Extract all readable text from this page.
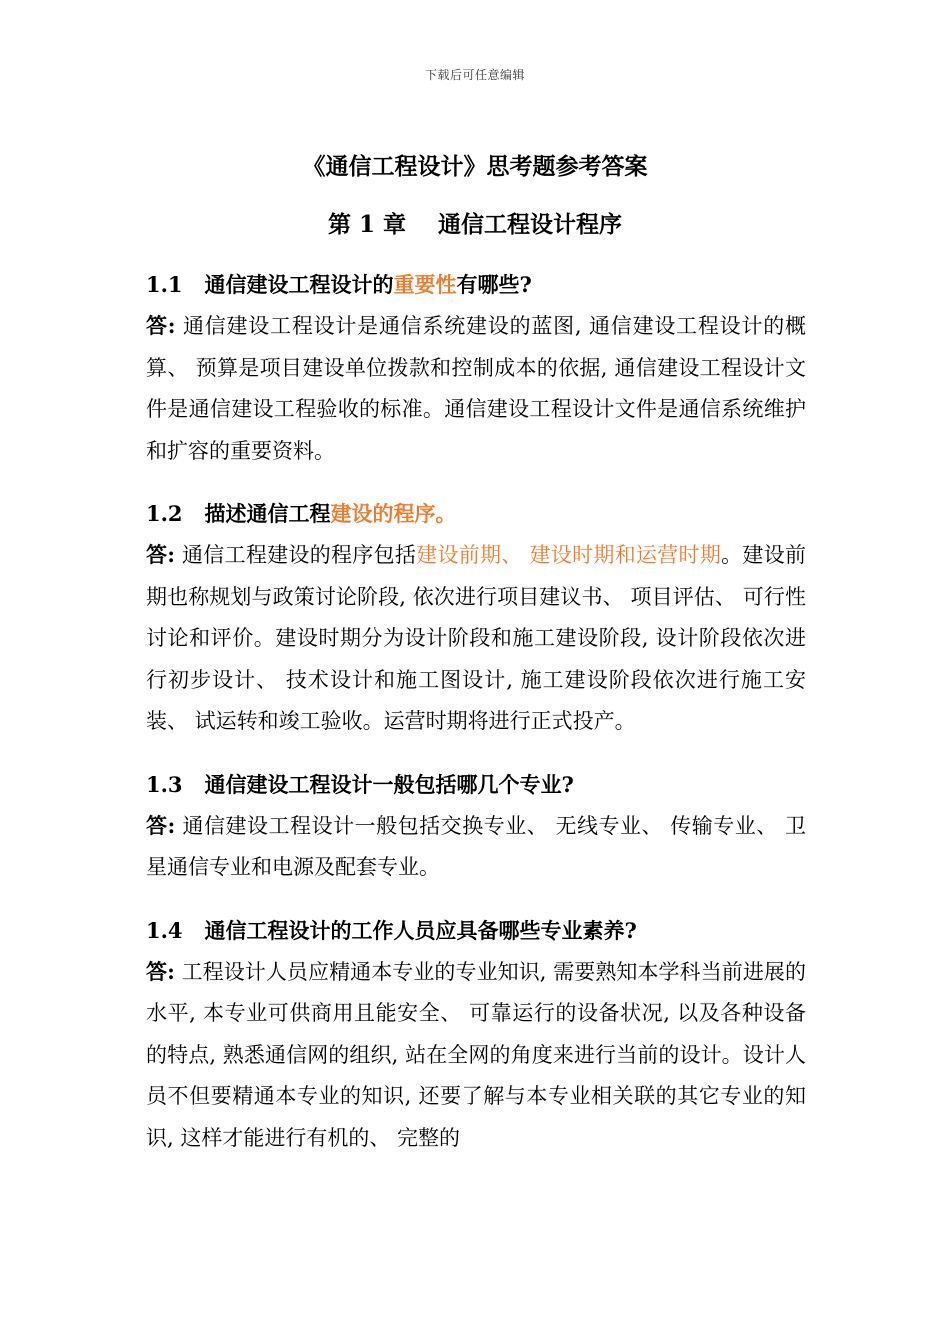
下载后可任意编辑
《通信工程设计》思考题参考答案
第 1 章    通信工程设计程序
1.1 通信建设工程设计的重要性有哪些?
答: 通信建设工程设计是通信系统建设的蓝图, 通信建设工程设计的概算、 预算是项目建设单位拨款和控制成本的依据, 通信建设工程设计文件是通信建设工程验收的标准。通信建设工程设计文件是通信系统维护和扩容的重要资料。
1.2 描述通信工程建设的程序。
答: 通信工程建设的程序包括建设前期、 建设时期和运营时期。建设前期也称规划与政策讨论阶段, 依次进行项目建议书、 项目评估、 可行性讨论和评价。建设时期分为设计阶段和施工建设阶段, 设计阶段依次进行初步设计、 技术设计和施工图设计, 施工建设阶段依次进行施工安装、 试运转和竣工验收。运营时期将进行正式投产。
1.3 通信建设工程设计一般包括哪几个专业?
答: 通信建设工程设计一般包括交换专业、 无线专业、 传输专业、 卫星通信专业和电源及配套专业。
1.4 通信工程设计的工作人员应具备哪些专业素养?
答: 工程设计人员应精通本专业的专业知识, 需要熟知本学科当前进展的水平, 本专业可供商用且能安全、 可靠运行的设备状况, 以及各种设备的特点, 熟悉通信网的组织, 站在全网的角度来进行当前的设计。设计人员不但要精通本专业的知识, 还要了解与本专业相关联的其它专业的知识, 这样才能进行有机的、 完整的
